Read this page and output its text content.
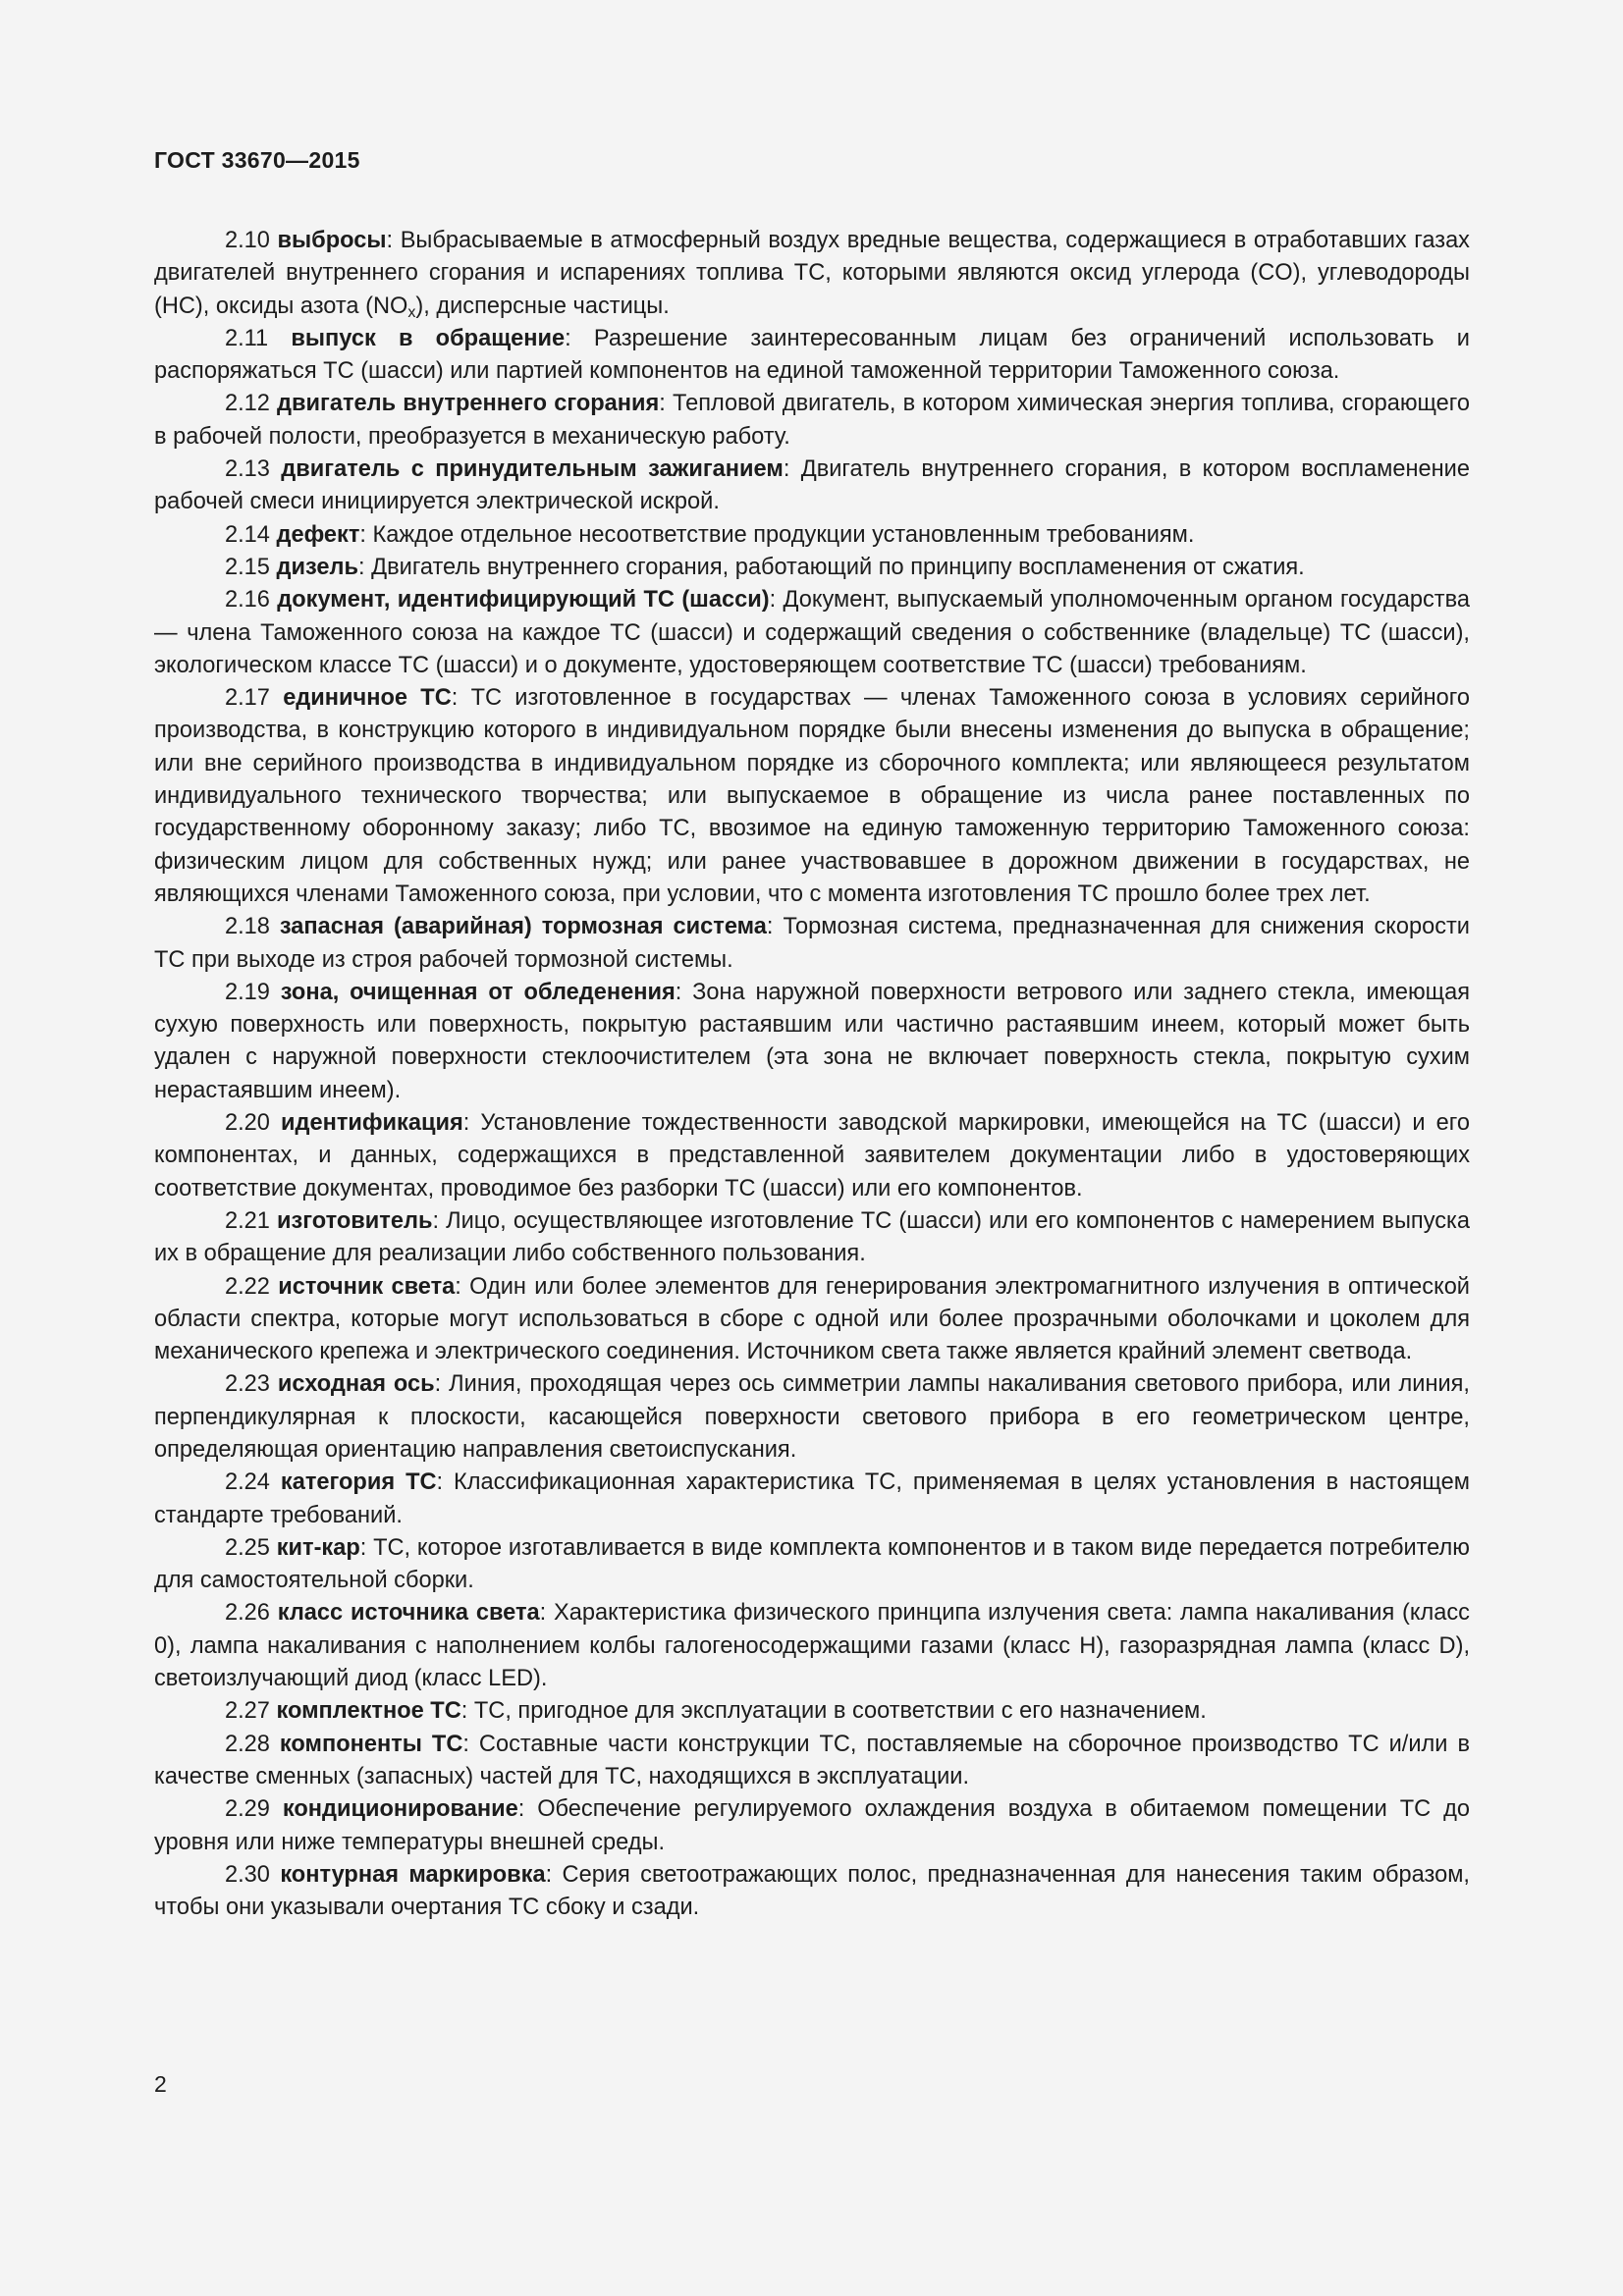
ГОСТ 33670—2015

2.10 выбросы: Выбрасываемые в атмосферный воздух вредные вещества, содержащиеся в отработавших газах двигателей внутреннего сгорания и испарениях топлива ТС, которыми являются оксид углерода (CO), углеводороды (HC), оксиды азота $(NO_x)$, дисперсные частицы.

2.11 выпуск в обращение: Разрешение заинтересованным лицам без ограничений использовать и распоряжаться ТС (шасси) или партией компонентов на единой таможенной территории Таможенного союза.

2.12 двигатель внутреннего сгорания: Тепловой двигатель, в котором химическая энергия топлива, сгорающего в рабочей полости, преобразуется в механическую работу.

2.13 двигатель с принудительным зажиганием: Двигатель внутреннего сгорания, в котором воспламенение рабочей смеси инициируется электрической искрой.

2.14 дефект: Каждое отдельное несоответствие продукции установленным требованиям.

2.15 дизель: Двигатель внутреннего сгорания, работающий по принципу воспламенения от сжатия.

2.16 документ, идентифицирующий ТС (шасси): Документ, выпускаемый уполномоченным органом государства — члена Таможенного союза на каждое ТС (шасси) и содержащий сведения о собственнике (владельце) ТС (шасси), экологическом классе ТС (шасси) и о документе, удостоверяющем соответствие ТС (шасси) требованиям.

2.17 единичное ТС: ТС изготовленное в государствах — членах Таможенного союза в условиях серийного производства, в конструкцию которого в индивидуальном порядке были внесены изменения до выпуска в обращение; или вне серийного производства в индивидуальном порядке из сборочного комплекта; или являющееся результатом индивидуального технического творчества; или выпускаемое в обращение из числа ранее поставленных по государственному оборонному заказу; либо ТС, ввозимое на единую таможенную территорию Таможенного союза: физическим лицом для собственных нужд; или ранее участвовавшее в дорожном движении в государствах, не являющихся членами Таможенного союза, при условии, что с момента изготовления ТС прошло более трех лет.

2.18 запасная (аварийная) тормозная система: Тормозная система, предназначенная для снижения скорости ТС при выходе из строя рабочей тормозной системы.

2.19 зона, очищенная от обледенения: Зона наружной поверхности ветрового или заднего стекла, имеющая сухую поверхность или поверхность, покрытую растаявшим или частично растаявшим инеем, который может быть удален с наружной поверхности стеклоочистителем (эта зона не включает поверхность стекла, покрытую сухим нерастаявшим инеем).

2.20 идентификация: Установление тождественности заводской маркировки, имеющейся на ТС (шасси) и его компонентах, и данных, содержащихся в представленной заявителем документации либо в удостоверяющих соответствие документах, проводимое без разборки ТС (шасси) или его компонентов.

2.21 изготовитель: Лицо, осуществляющее изготовление ТС (шасси) или его компонентов с намерением выпуска их в обращение для реализации либо собственного пользования.

2.22 источник света: Один или более элементов для генерирования электромагнитного излучения в оптической области спектра, которые могут использоваться в сборе с одной или более прозрачными оболочками и цоколем для механического крепежа и электрического соединения. Источником света также является крайний элемент светвода.

2.23 исходная ось: Линия, проходящая через ось симметрии лампы накаливания светового прибора, или линия, перпендикулярная к плоскости, касающейся поверхности светового прибора в его геометрическом центре, определяющая ориентацию направления светоиспускания.

2.24 категория ТС: Классификационная характеристика ТС, применяемая в целях установления в настоящем стандарте требований.

2.25 кит-кар: ТС, которое изготавливается в виде комплекта компонентов и в таком виде передается потребителю для самостоятельной сборки.

2.26 класс источника света: Характеристика физического принципа излучения света: лампа накаливания (класс 0), лампа накаливания с наполнением колбы галогеносодержащими газами (класс H), газоразрядная лампа (класс D), светоизлучающий диод (класс LED).

2.27 комплектное ТС: ТС, пригодное для эксплуатации в соответствии с его назначением.

2.28 компоненты ТС: Составные части конструкции ТС, поставляемые на сборочное производство ТС и/или в качестве сменных (запасных) частей для ТС, находящихся в эксплуатации.

2.29 кондиционирование: Обеспечение регулируемого охлаждения воздуха в обитаемом помещении ТС до уровня или ниже температуры внешней среды.

2.30 контурная маркировка: Серия светоотражающих полос, предназначенная для нанесения таким образом, чтобы они указывали очертания ТС сбоку и сзади.

2
